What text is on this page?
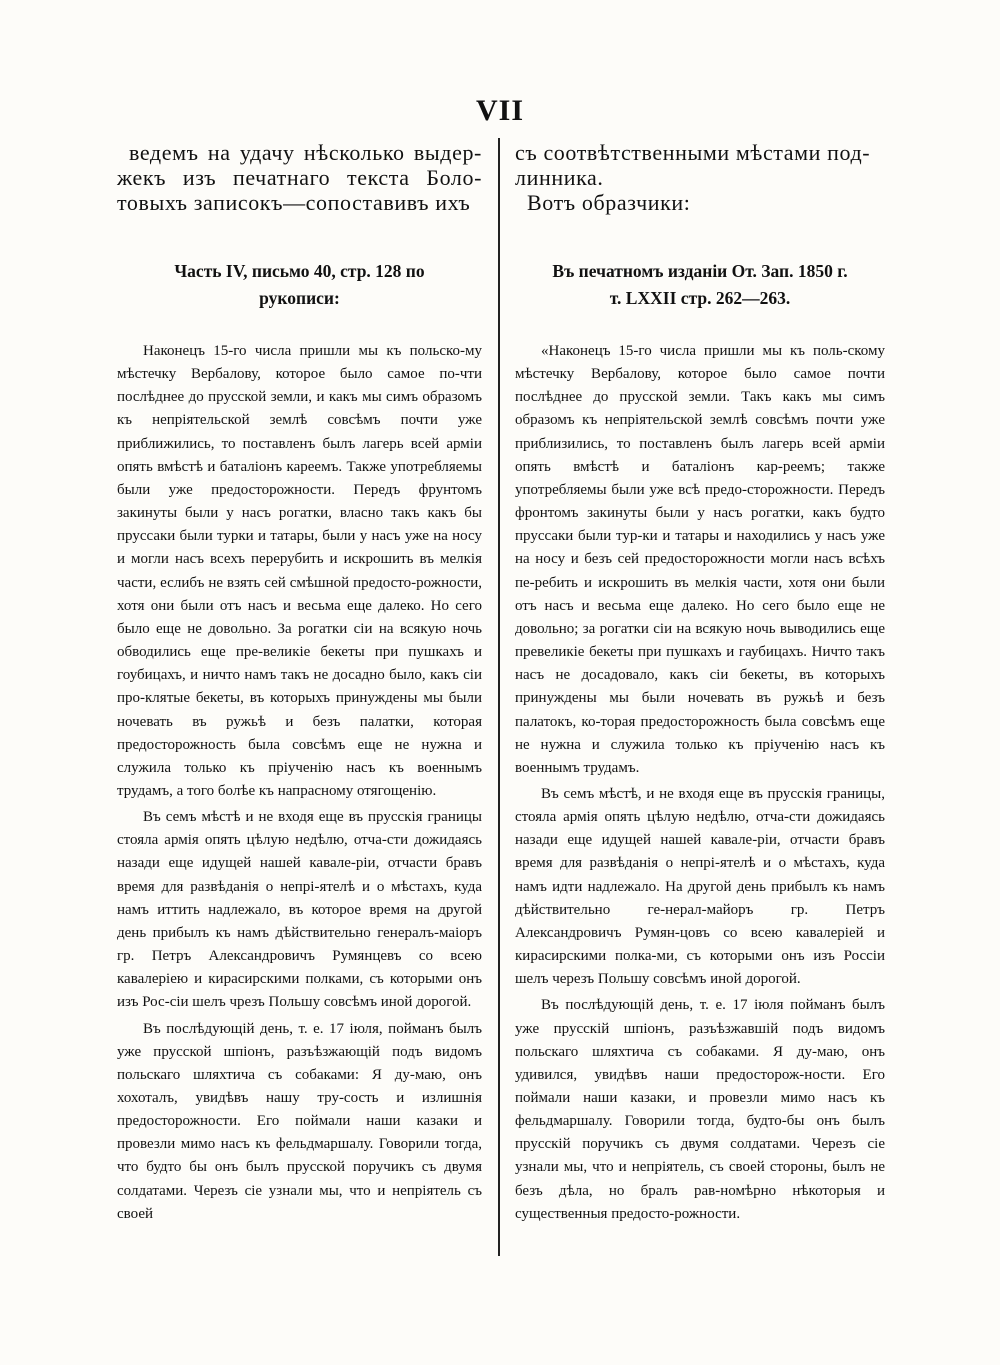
VII

ведемъ на удачу нѣсколько выдер-жекъ изъ печатнаго текста Боло-товыхъ записокъ—сопоставивъ ихъ

Часть IV, письмо 40, стр. 128 по
рукописи:

Наконецъ 15-го числа пришли мы къ польско-му мѣстечку Вербалову, которое было самое по-чти послѣднее до прусской земли, и какъ мы симъ образомъ къ непріятельской землѣ совсѣмъ почти уже приближились, то поставленъ былъ лагерь всей арміи опять вмѣстѣ и баталіонъ кареемъ. Также употребляемы были уже предосторожности. Передъ фрунтомъ закинуты были у насъ рогатки, власно такъ какъ бы пруссаки были турки и татары, были у насъ уже на носу и могли насъ всехъ перерубить и искрошить въ мелкія части, еслибъ не взять сей смѣшной предосто-рожности, хотя они были отъ насъ и весьма еще далеко. Но сего было еще не довольно. За рогатки сіи на всякую ночь обводились еще пре-великіе бекеты при пушкахъ и гоубицахъ, и ничто намъ такъ не досадно было, какъ сіи про-клятые бекеты, въ которыхъ принуждены мы были ночевать въ ружьѣ и безъ палатки, которая предосторожность была совсѣмъ еще не нужна и служила только къ пріученію насъ къ военнымъ трудамъ, а того болѣе къ напрасному отягощенію.

Въ семъ мѣстѣ и не входя еще въ прусскія границы стояла армія опять цѣлую недѣлю, отча-сти дожидаясь назади еще идущей нашей кавале-ріи, отчасти бравъ время для развѣданія о непрі-ятелѣ и о мѣстахъ, куда намъ иттить надлежало, въ которое время на другой день прибылъ къ намъ дѣйствительно генералъ-маіоръ гр. Петръ Александровичъ Румянцевъ со всею кавалеріею и кирасирскими полками, съ которыми онъ изъ Рос-сіи шелъ чрезъ Польшу совсѣмъ иной дорогой.

Въ послѣдующій день, т. е. 17 іюля, пойманъ былъ уже прусской шпіонъ, разъѣзжающій подъ видомъ польскаго шляхтича съ собаками: Я ду-маю, онъ хохоталъ, увидѣвъ нашу тру-сость и излишнія предосторожности. Его поймали наши казаки и провезли мимо насъ къ фельдмаршалу. Говорили тогда, что будто бы онъ былъ прусской поручикъ съ двумя солдатами. Черезъ сіе узнали мы, что и непріятель съ своей

съ соотвѣтственными мѣстами под-линника.

Вотъ образчики:

Въ печатномъ изданіи От. Зап. 1850 г.
т. LXXII стр. 262—263.

«Наконецъ 15-го числа пришли мы къ поль-скому мѣстечку Вербалову, которое было самое почти послѣднее до прусской земли. Такъ какъ мы симъ образомъ къ непріятельской землѣ совсѣмъ почти уже приблизились, то поставленъ былъ лагерь всей арміи опять вмѣстѣ и баталіонъ кар-реемъ; также употребляемы были уже всѣ предо-сторожности. Передъ фронтомъ закинуты были у насъ рогатки, какъ будто пруссаки были тур-ки и татары и находились у насъ уже на носу и безъ сей предосторожности могли насъ всѣхъ пе-ребить и искрошить въ мелкія части, хотя они были отъ насъ и весьма еще далеко. Но сего было еще не довольно; за рогатки сіи на всякую ночь выводились еще превеликіе бекеты при пушкахъ и гаубицахъ. Ничто такъ насъ не досадовало, какъ сіи бекеты, въ которыхъ принуждены мы были ночевать въ ружьѣ и безъ палатокъ, ко-торая предосторожность была совсѣмъ еще не нужна и служила только къ пріученію насъ къ военнымъ трудамъ.

Въ семъ мѣстѣ, и не входя еще въ прусскія границы, стояла армія опять цѣлую недѣлю, отча-сти дожидаясь назади еще идущей нашей кавале-ріи, отчасти бравъ время для развѣданія о непрі-ятелѣ и о мѣстахъ, куда намъ идти надлежало. На другой день прибылъ къ намъ дѣйствительно ге-нерал-майоръ гр. Петръ Александровичъ Румян-цовъ со всею кавалеріей и кирасирскими полка-ми, съ которыми онъ изъ Россіи шелъ черезъ Польшу совсѣмъ иной дорогой.

Въ послѣдующій день, т. е. 17 іюля пойманъ былъ уже прусскій шпіонъ, разъѣзжавшій подъ видомъ польскаго шляхтича съ собаками. Я ду-маю, онъ удивился, увидѣвъ наши предосторож-ности. Его поймали наши казаки, и провезли мимо насъ къ фельдмаршалу. Говорили тогда, будто-бы онъ былъ прусскій поручикъ съ двумя солдатами. Черезъ сіе узнали мы, что и непріятель, съ своей стороны, былъ не безъ дѣла, но бралъ рав-номѣрно нѣкоторыя и существенныя предосто-рожности.
